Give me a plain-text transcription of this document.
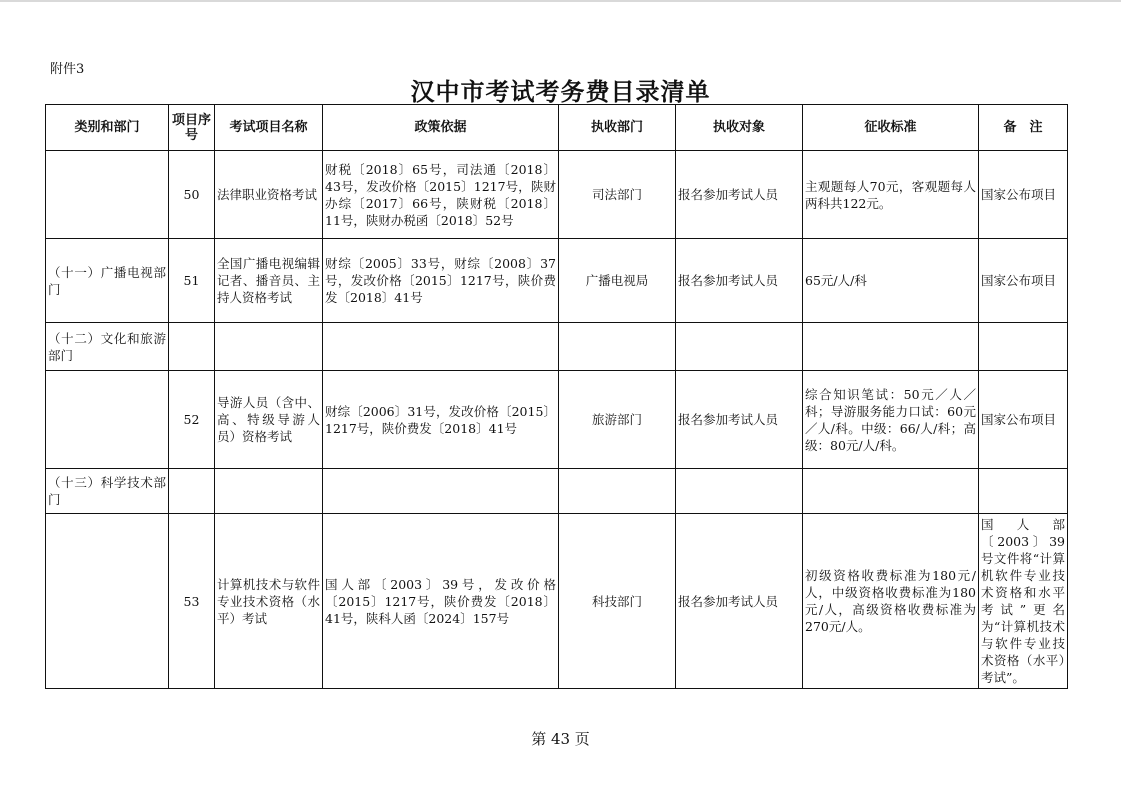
附件3
汉中市考试考务费目录清单
类别和部门	项目序号	考试项目名称	政策依据	执收部门	执收对象	征收标准	备　注
	50	法律职业资格考试	财税〔2018〕65号，司法通〔2018〕43号，发改价格〔2015〕1217号，陕财办综〔2017〕66号，陕财税〔2018〕11号，陕财办税函〔2018〕52号	司法部门	报名参加考试人员	主观题每人70元，客观题每人两科共122元。	国家公布项目
（十一）广播电视部门	51	全国广播电视编辑记者、播音员、主持人资格考试	财综〔2005〕33号，财综〔2008〕37号，发改价格〔2015〕1217号，陕价费发〔2018〕41号	广播电视局	报名参加考试人员	65元/人/科	国家公布项目
（十二）文化和旅游部门							
	52	导游人员（含中、高、特级导游人员）资格考试	财综〔2006〕31号，发改价格〔2015〕1217号，陕价费发〔2018〕41号	旅游部门	报名参加考试人员	综合知识笔试：50元／人／科；导游服务能力口试：60元／人/科。中级：66/人/科；高级：80元/人/科。	国家公布项目
（十三）科学技术部门							
	53	计算机技术与软件专业技术资格（水平）考试	国人部〔2003〕39号，发改价格〔2015〕1217号，陕价费发〔2018〕41号，陕科人函〔2024〕157号	科技部门	报名参加考试人员	初级资格收费标准为180元/人，中级资格收费标准为180元/人，高级资格收费标准为270元/人。	国人部〔2003〕39号文件将“计算机软件专业技术资格和水平考试”更名为“计算机技术与软件专业技术资格（水平）考试”。
第 43 页
